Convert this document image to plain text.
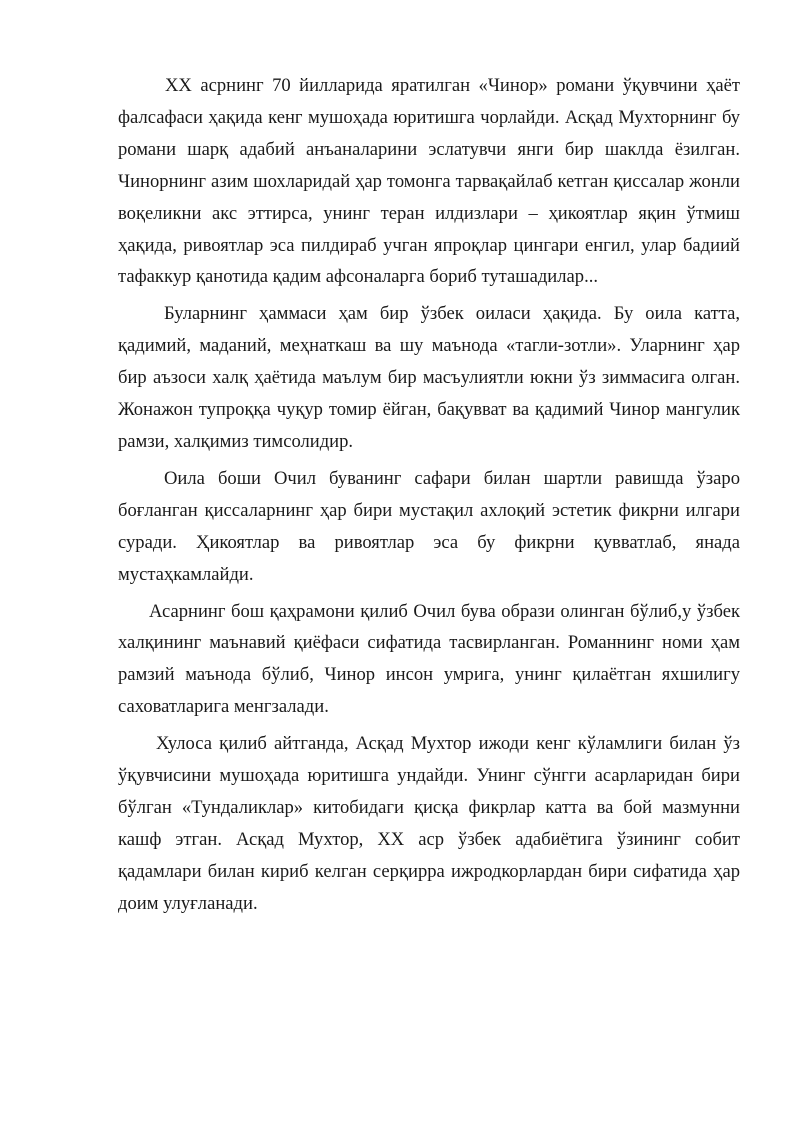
XX асрнинг 70 йилларида яратилган «Чинор» романи ўқувчини ҳаёт фалсафаси ҳақида кенг мушоҳада юритишга чорлайди. Асқад Мухторнинг бу романи шарқ адабий анъаналарини эслатувчи янги бир шаклда ёзилган. Чинорнинг азим шохларидай ҳар томонга тарвақайлаб кетган қиссалар жонли воқеликни акс эттирса, унинг теран илдизлари – ҳикоятлар яқин ўтмиш ҳақида, ривоятлар эса пилдираб учган япроқлар цингари енгил, улар бадиий тафаккур қанотида қадим афсоналарга бориб туташадилар...

Буларнинг ҳаммаси ҳам бир ўзбек оиласи ҳақида. Бу оила катта, қадимий, маданий, меҳнаткаш ва шу маънода «тагли-зотли». Уларнинг ҳар бир аъзоси халқ ҳаётида маълум бир масъулиятли юкни ўз зиммасига олган. Жонажон тупроққа чуқур томир ёйган, бақувват ва қадимий Чинор мангулик рамзи, халқимиз тимсолидир.

Оила боши Очил буванинг сафари билан шартли равишда ўзаро боғланган қиссаларнинг ҳар бири мустақил ахлоқий эстетик фикрни илгари суради. Ҳикоятлар ва ривоятлар эса бу фикрни қувватлаб, янада мустаҳкамлайди.

Асарнинг бош қаҳрамони қилиб Очил бува образи олинган бўлиб,у ўзбек халқининг маънавий қиёфаси сифатида тасвирланган. Романнинг номи ҳам рамзий маънода бўлиб, Чинор инсон умрига, унинг қилаётган яхшилигу саховатларига менгзалади.

Хулоса қилиб айтганда, Асқад Мухтор ижоди кенг кўламлиги билан ўз ўқувчисини мушоҳада юритишга ундайди. Унинг сўнгги асарларидан бири бўлган «Тундаликлар» китобидаги қисқа фикрлар катта ва бой мазмунни кашф этган. Асқад Мухтор, XX аср ўзбек адабиётига ўзининг собит қадамлари билан кириб келган серқирра ижродкорлардан бири сифатида ҳар доим улуғланади.
